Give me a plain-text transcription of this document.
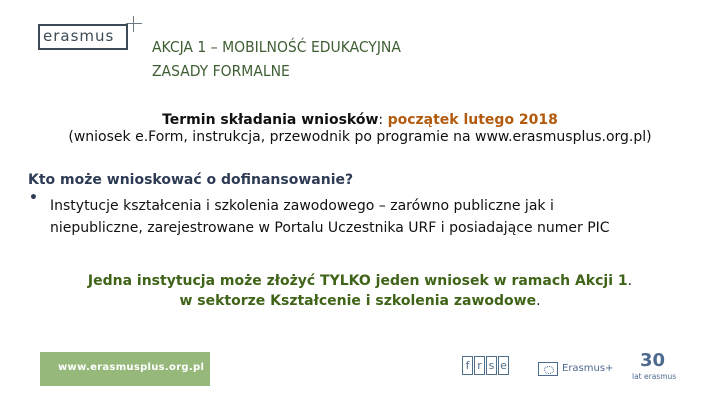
erasmus
AKCJA 1 – MOBILNOŚĆ EDUKACYJNA
ZASADY FORMALNE
Termin składania wniosków: początek lutego 2018
(wniosek e.Form, instrukcja, przewodnik po programie na www.erasmusplus.org.pl)
Kto może wnioskować o dofinansowanie?
• Instytucje kształcenia i szkolenia zawodowego – zarówno publiczne jak i
niepubliczne, zarejestrowane w Portalu Uczestnika URF i posiadające numer PIC
Jedna instytucja może złożyć TYLKO jeden wniosek w ramach Akcji 1.
w sektorze Kształcenie i szkolenia zawodowe.
www.erasmusplus.org.pl	f r s e	Erasmus+ 30
lat erasmus
